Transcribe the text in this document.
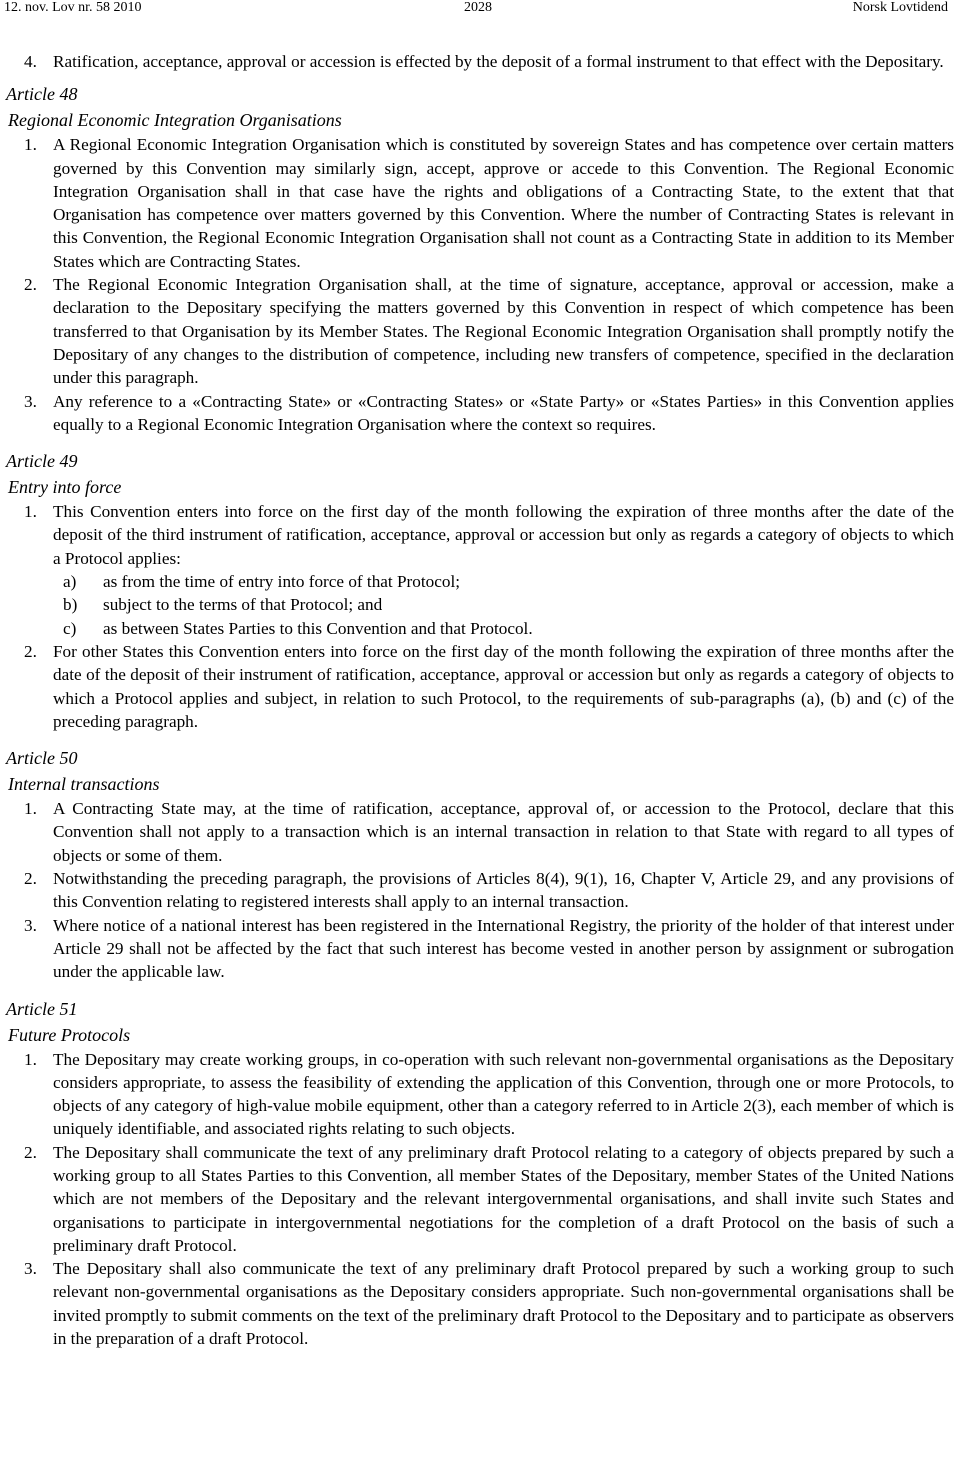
12. nov. Lov nr. 58 2010	2028	Norsk Lovtidend
4. Ratification, acceptance, approval or accession is effected by the deposit of a formal instrument to that effect with the Depositary.
Article 48
Regional Economic Integration Organisations
1. A Regional Economic Integration Organisation which is constituted by sovereign States and has competence over certain matters governed by this Convention may similarly sign, accept, approve or accede to this Convention. The Regional Economic Integration Organisation shall in that case have the rights and obligations of a Contracting State, to the extent that that Organisation has competence over matters governed by this Convention. Where the number of Contracting States is relevant in this Convention, the Regional Economic Integration Organisation shall not count as a Contracting State in addition to its Member States which are Contracting States.
2. The Regional Economic Integration Organisation shall, at the time of signature, acceptance, approval or accession, make a declaration to the Depositary specifying the matters governed by this Convention in respect of which competence has been transferred to that Organisation by its Member States. The Regional Economic Integration Organisation shall promptly notify the Depositary of any changes to the distribution of competence, including new transfers of competence, specified in the declaration under this paragraph.
3. Any reference to a «Contracting State» or «Contracting States» or «State Party» or «States Parties» in this Convention applies equally to a Regional Economic Integration Organisation where the context so requires.
Article 49
Entry into force
1. This Convention enters into force on the first day of the month following the expiration of three months after the date of the deposit of the third instrument of ratification, acceptance, approval or accession but only as regards a category of objects to which a Protocol applies:
a) as from the time of entry into force of that Protocol;
b) subject to the terms of that Protocol; and
c) as between States Parties to this Convention and that Protocol.
2. For other States this Convention enters into force on the first day of the month following the expiration of three months after the date of the deposit of their instrument of ratification, acceptance, approval or accession but only as regards a category of objects to which a Protocol applies and subject, in relation to such Protocol, to the requirements of sub-paragraphs (a), (b) and (c) of the preceding paragraph.
Article 50
Internal transactions
1. A Contracting State may, at the time of ratification, acceptance, approval of, or accession to the Protocol, declare that this Convention shall not apply to a transaction which is an internal transaction in relation to that State with regard to all types of objects or some of them.
2. Notwithstanding the preceding paragraph, the provisions of Articles 8(4), 9(1), 16, Chapter V, Article 29, and any provisions of this Convention relating to registered interests shall apply to an internal transaction.
3. Where notice of a national interest has been registered in the International Registry, the priority of the holder of that interest under Article 29 shall not be affected by the fact that such interest has become vested in another person by assignment or subrogation under the applicable law.
Article 51
Future Protocols
1. The Depositary may create working groups, in co-operation with such relevant non-governmental organisations as the Depositary considers appropriate, to assess the feasibility of extending the application of this Convention, through one or more Protocols, to objects of any category of high-value mobile equipment, other than a category referred to in Article 2(3), each member of which is uniquely identifiable, and associated rights relating to such objects.
2. The Depositary shall communicate the text of any preliminary draft Protocol relating to a category of objects prepared by such a working group to all States Parties to this Convention, all member States of the Depositary, member States of the United Nations which are not members of the Depositary and the relevant intergovernmental organisations, and shall invite such States and organisations to participate in intergovernmental negotiations for the completion of a draft Protocol on the basis of such a preliminary draft Protocol.
3. The Depositary shall also communicate the text of any preliminary draft Protocol prepared by such a working group to such relevant non-governmental organisations as the Depositary considers appropriate. Such non-governmental organisations shall be invited promptly to submit comments on the text of the preliminary draft Protocol to the Depositary and to participate as observers in the preparation of a draft Protocol.
